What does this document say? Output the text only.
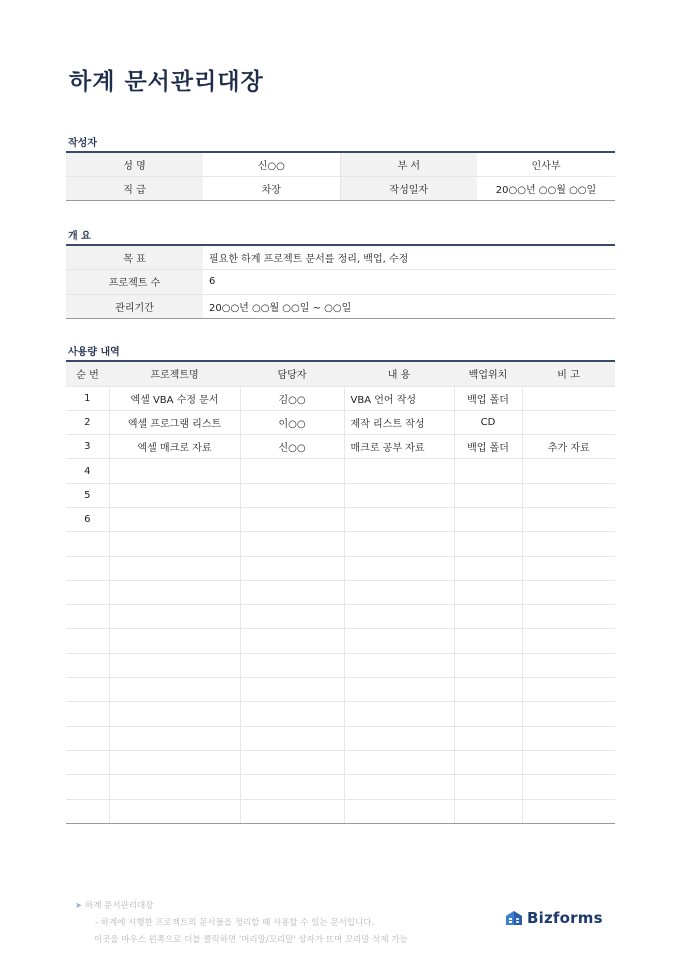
하계 문서관리대장
작성자
성 명	신○○	부 서	인사부
직 급	차장	작성일자	20○○년 ○○월 ○○일
개 요
목 표	필요한 하계 프로젝트 문서를 정리, 백업, 수정
프로젝트 수	6
관리기간	20○○년 ○○월 ○○일 ~ ○○일
사용량 내역
순 번	프로젝트명	담당자	내 용	백업위치	비 고
1	엑셀 VBA 수정 문서	김○○	VBA 언어 작성	백업 폴더	
2	엑셀 프로그램 리스트	이○○	제작 리스트 작성	CD	
3	엑셀 매크로 자료	신○○	매크로 공부 자료	백업 폴더	추가 자료
4					
5					
6					

➤ 하계 문서관리대장
- 하계에 시행한 프로젝트의 문서들을 정리할 때 사용할 수 있는 문서입니다.
이곳을 마우스 왼쪽으로 더블 클릭하면 '머리말/꼬리말' 상자가 뜨며 꼬리말 삭제 가능
Bizforms
